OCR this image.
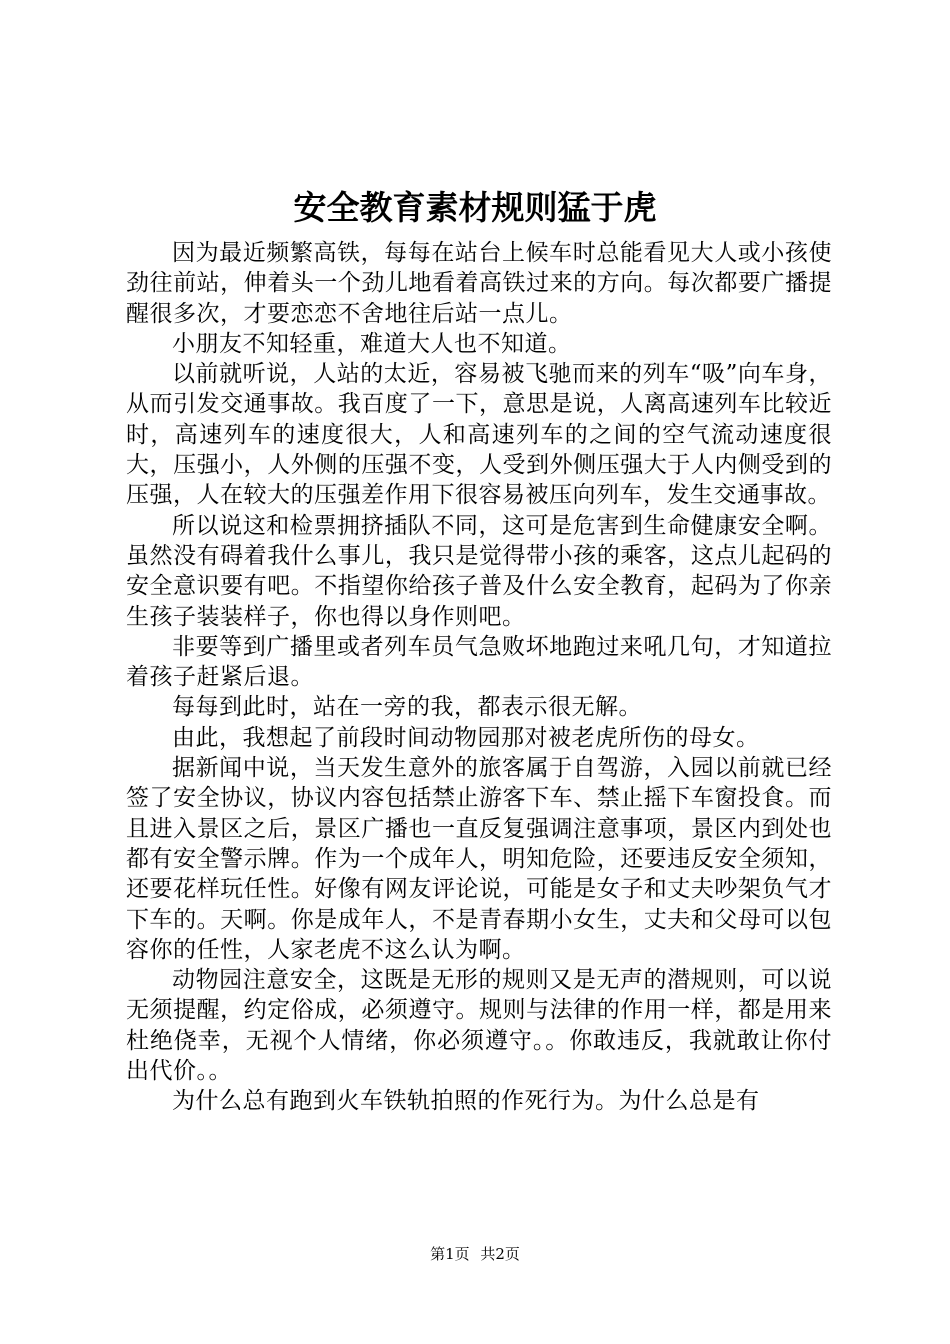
安全教育素材规则猛于虎

因为最近频繁高铁，每每在站台上候车时总能看见大人或小孩使劲往前站，伸着头一个劲儿地看着高铁过来的方向。每次都要广播提醒很多次，才要恋恋不舍地往后站一点儿。

小朋友不知轻重，难道大人也不知道。

以前就听说，人站的太近，容易被飞驰而来的列车“吸”向车身，从而引发交通事故。我百度了一下，意思是说，人离高速列车比较近时，高速列车的速度很大，人和高速列车的之间的空气流动速度很大，压强小，人外侧的压强不变，人受到外侧压强大于人内侧受到的压强，人在较大的压强差作用下很容易被压向列车，发生交通事故。

所以说这和检票拥挤插队不同，这可是危害到生命健康安全啊。虽然没有碍着我什么事儿，我只是觉得带小孩的乘客，这点儿起码的安全意识要有吧。不指望你给孩子普及什么安全教育，起码为了你亲生孩子装装样子，你也得以身作则吧。

非要等到广播里或者列车员气急败坏地跑过来吼几句，才知道拉着孩子赶紧后退。

每每到此时，站在一旁的我，都表示很无解。

由此，我想起了前段时间动物园那对被老虎所伤的母女。

据新闻中说，当天发生意外的旅客属于自驾游，入园以前就已经签了安全协议，协议内容包括禁止游客下车、禁止摇下车窗投食。而且进入景区之后，景区广播也一直反复强调注意事项，景区内到处也都有安全警示牌。作为一个成年人，明知危险，还要违反安全须知，还要花样玩任性。好像有网友评论说，可能是女子和丈夫吵架负气才下车的。天啊。你是成年人，不是青春期小女生，丈夫和父母可以包容你的任性，人家老虎不这么认为啊。

动物园注意安全，这既是无形的规则又是无声的潜规则，可以说无须提醒，约定俗成，必须遵守。规则与法律的作用一样，都是用来杜绝侥幸，无视个人情绪，你必须遵守。。你敢违反，我就敢让你付出代价。。

为什么总有跑到火车铁轨拍照的作死行为。为什么总是有

第1页 共2页
